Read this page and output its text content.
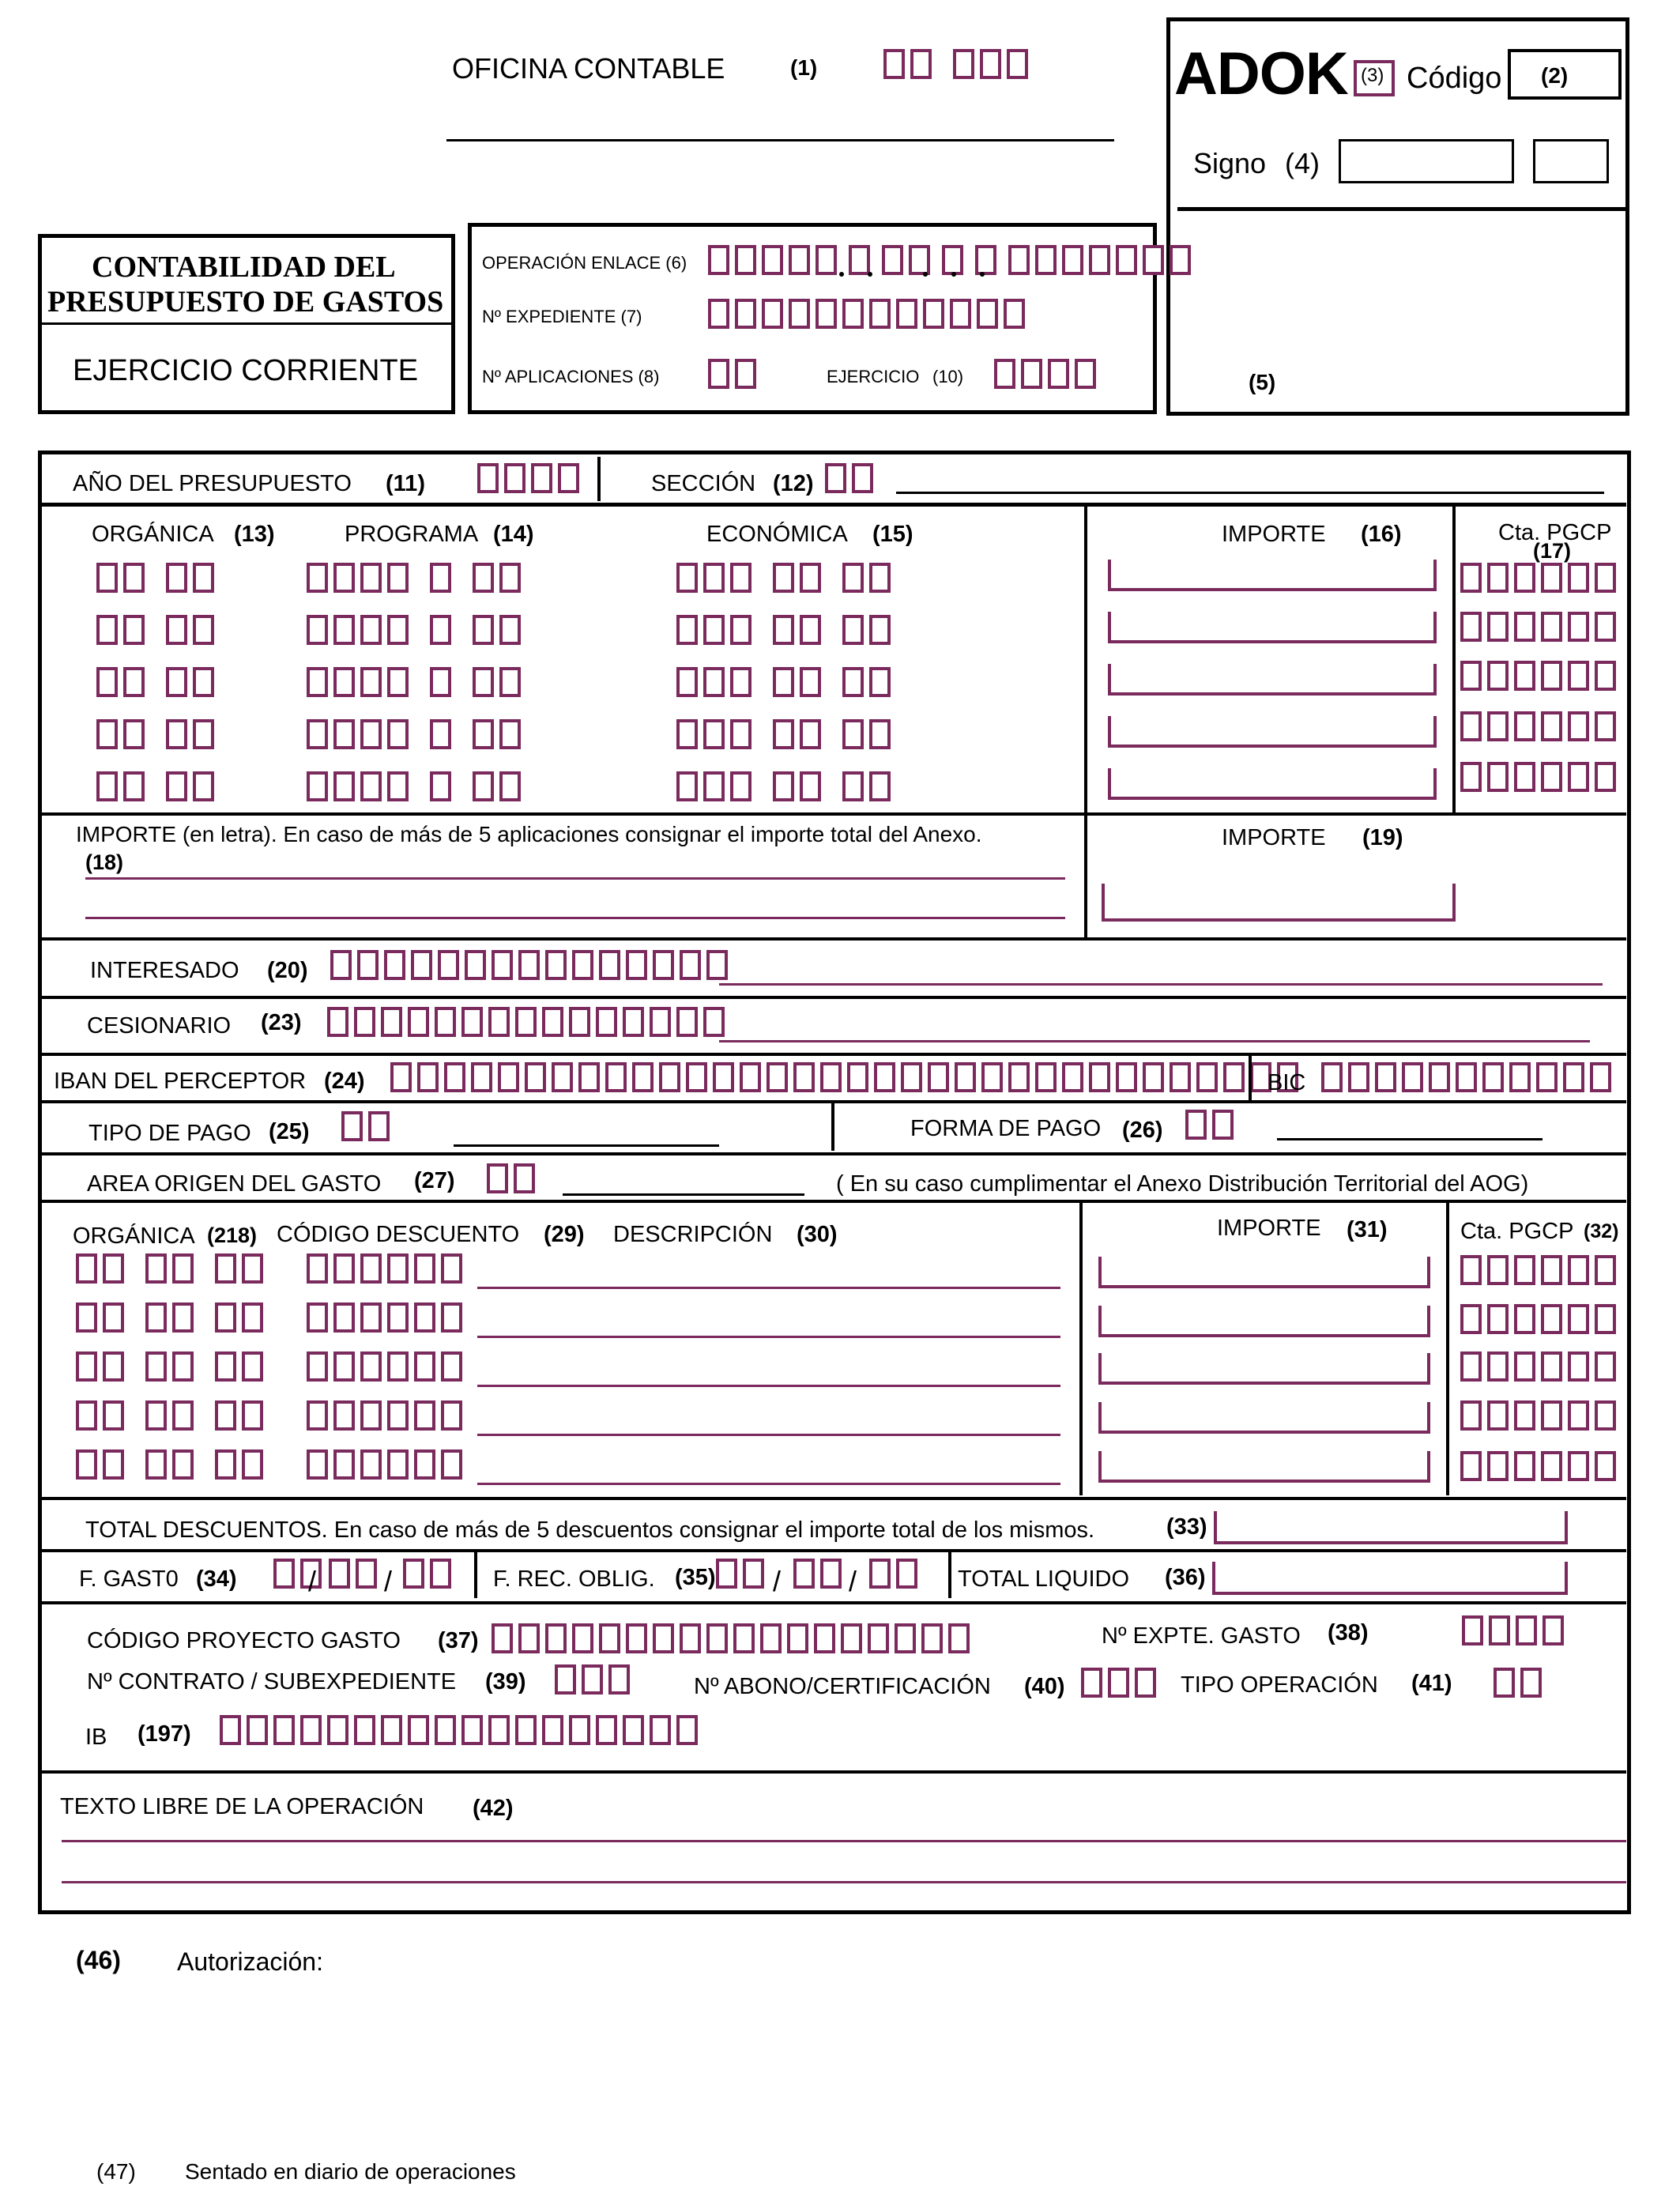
OFICINA CONTABLE	(1)	ADOK (3) Código (2)
Signo (4)
(5)
CONTABILIDAD DEL
PRESUPUESTO DE GASTOS
EJERCICIO CORRIENTE
OPERACIÓN ENLACE (6)
Nº EXPEDIENTE (7)
Nº APLICACIONES (8)	EJERCICIO (10)
AÑO DEL PRESUPUESTO (11)	SECCIÓN (12)
ORGÁNICA (13)	PROGRAMA (14)	ECONÓMICA (15)	IMPORTE (16)	Cta. PGCP
(17)
IMPORTE (en letra). En caso de más de 5 aplicaciones consignar el importe total del Anexo.
(18)
IMPORTE (19)
INTERESADO (20)
CESIONARIO (23)
IBAN DEL PERCEPTOR (24)	BIC
TIPO DE PAGO (25)	FORMA DE PAGO (26)
AREA ORIGEN DEL GASTO (27)	( En su caso cumplimentar el Anexo Distribución Territorial del AOG)
ORGÁNICA (218) CÓDIGO DESCUENTO (29) DESCRIPCIÓN (30)	IMPORTE (31)	Cta. PGCP (32)
TOTAL DESCUENTOS. En caso de más de 5 descuentos consignar el importe total de los mismos.	(33)
F. GAST0 (34)	/ /	F. REC. OBLIG. (35) / /	TOTAL LIQUIDO (36)
CÓDIGO PROYECTO GASTO (37)	Nº EXPTE. GASTO (38)
Nº CONTRATO / SUBEXPEDIENTE (39)	Nº ABONO/CERTIFICACIÓN (40)	TIPO OPERACIÓN (41)
IB (197)
TEXTO LIBRE DE LA OPERACIÓN (42)
(46) Autorización:
(47) Sentado en diario de operaciones
